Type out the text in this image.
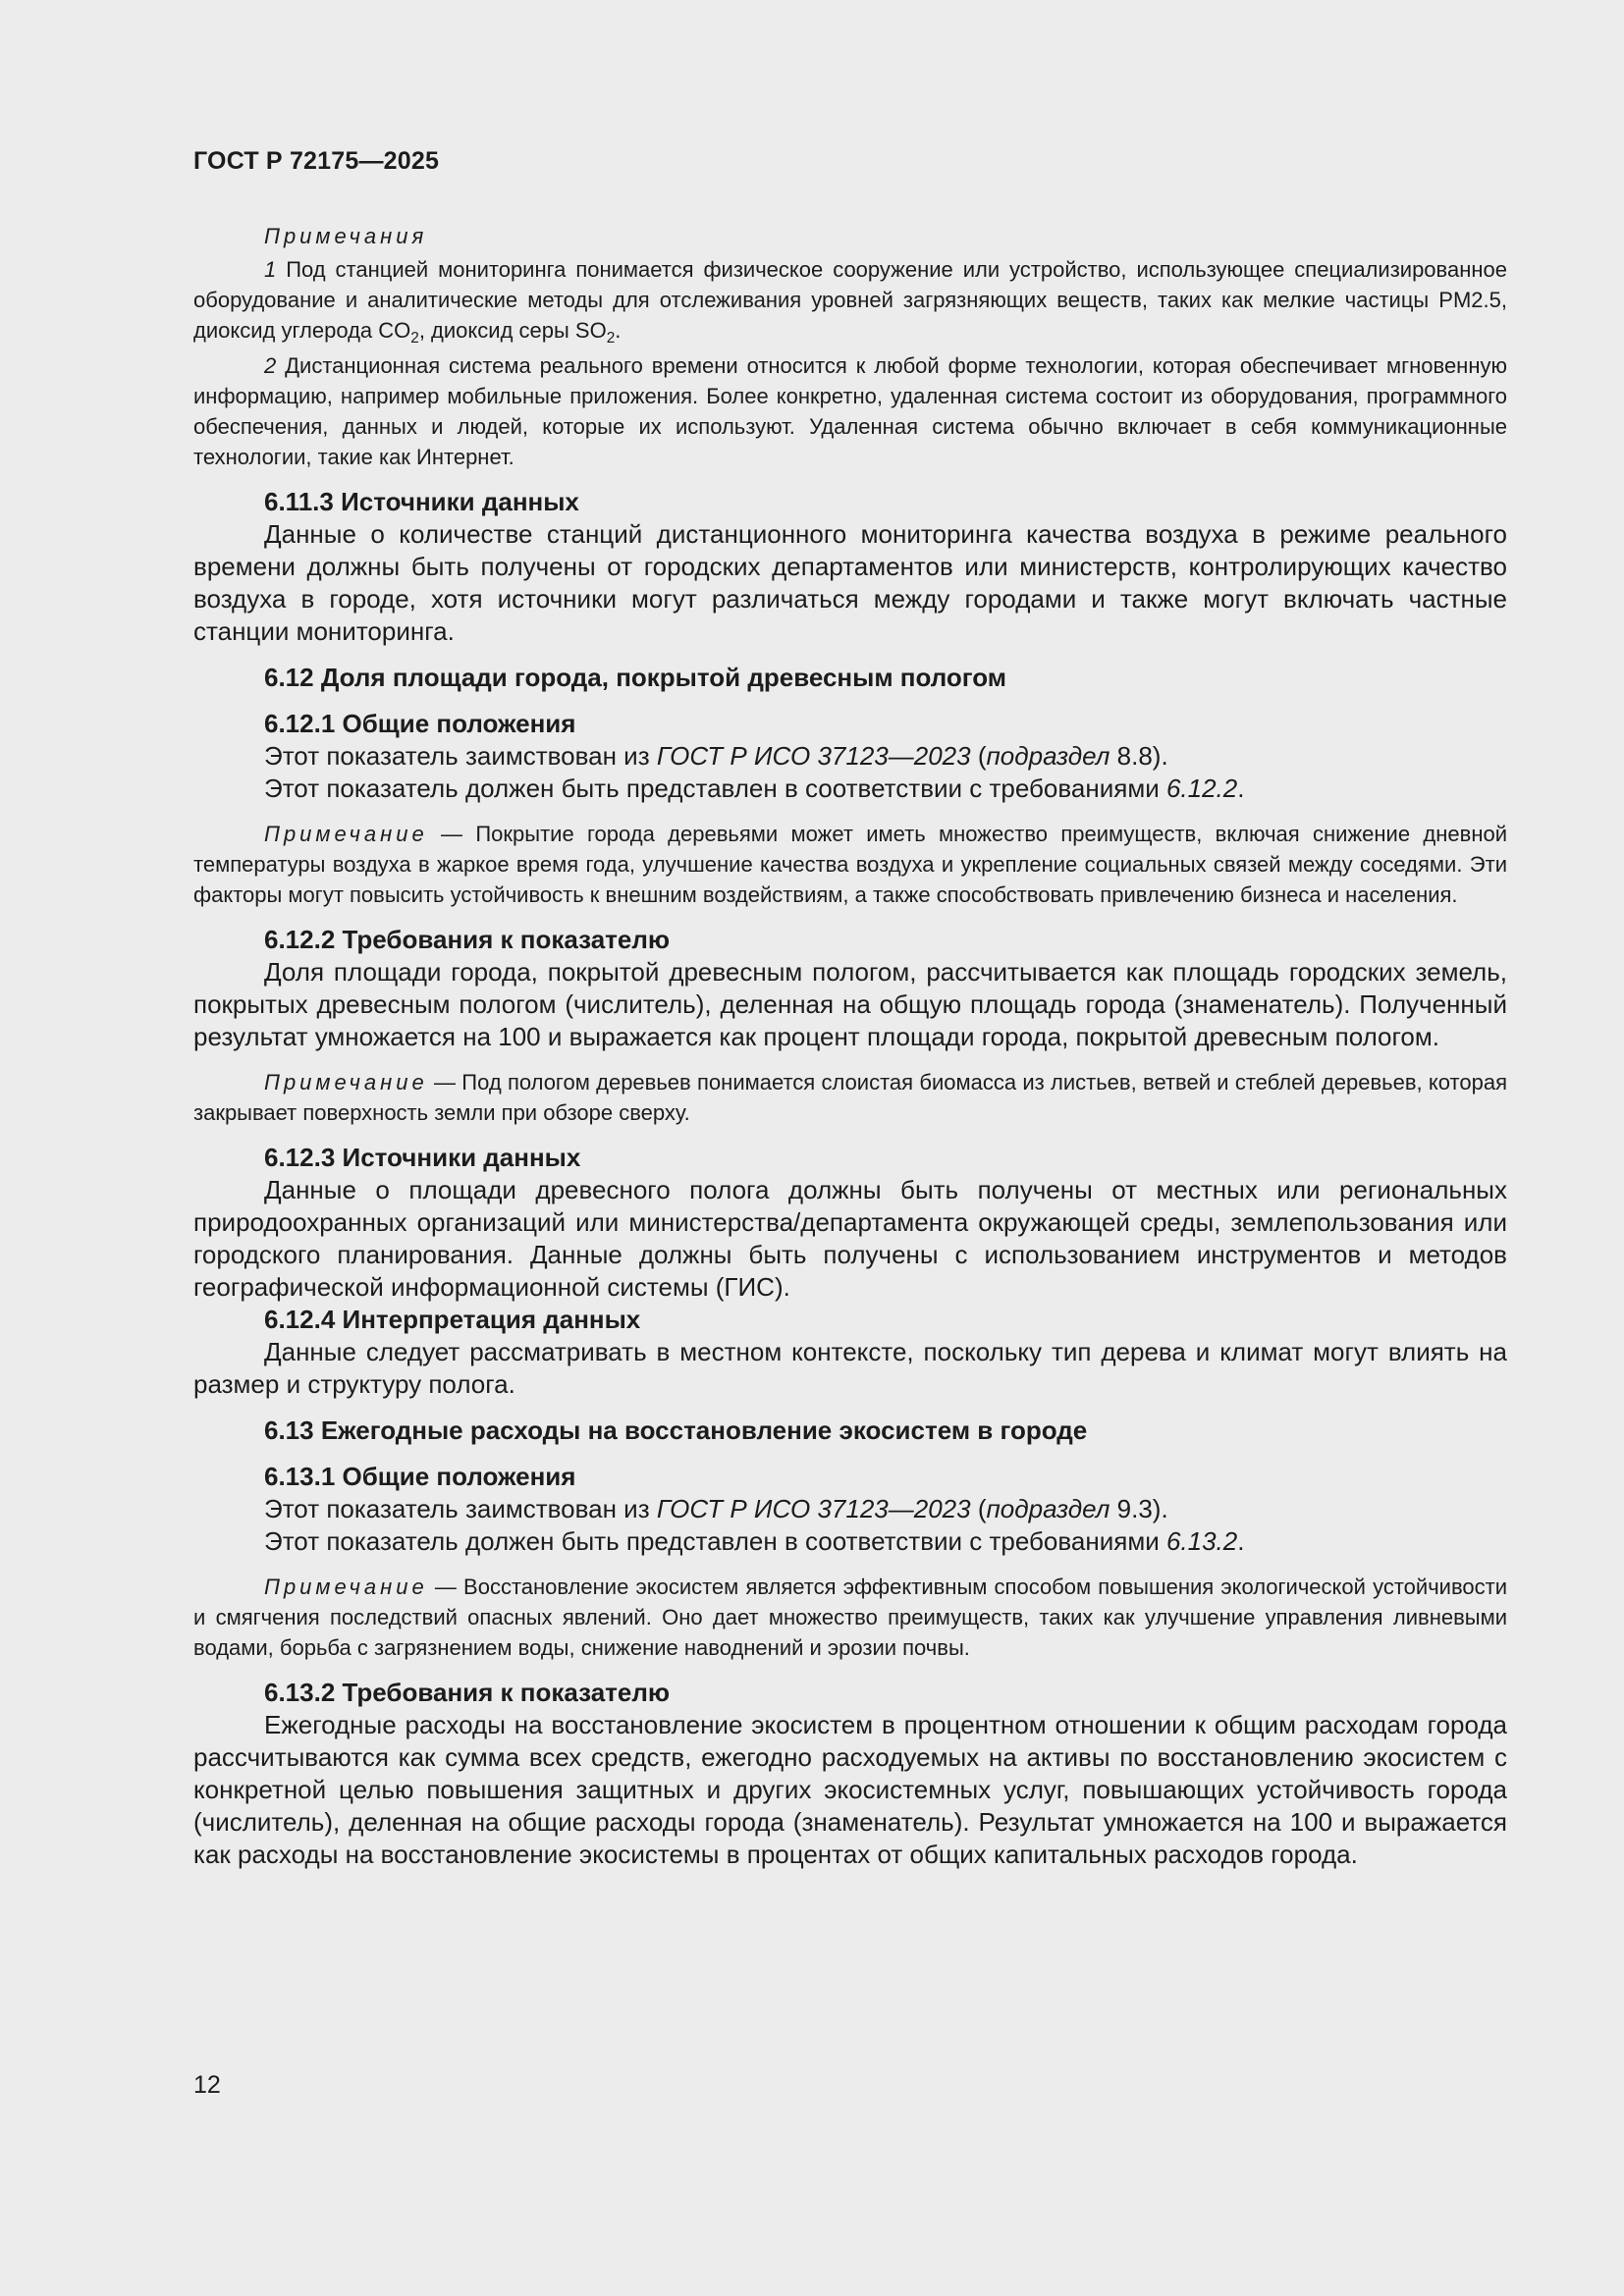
ГОСТ Р 72175—2025
Примечания

1 Под станцией мониторинга понимается физическое сооружение или устройство, использующее специализированное оборудование и аналитические методы для отслеживания уровней загрязняющих веществ, таких как мелкие частицы PM2.5, диоксид углерода $CO_2$, диоксид серы $SO_2$.

2 Дистанционная система реального времени относится к любой форме технологии, которая обеспечивает мгновенную информацию, например мобильные приложения. Более конкретно, удаленная система состоит из оборудования, программного обеспечения, данных и людей, которые их используют. Удаленная система обычно включает в себя коммуникационные технологии, такие как Интернет.

6.11.3 Источники данных

Данные о количестве станций дистанционного мониторинга качества воздуха в режиме реального времени должны быть получены от городских департаментов или министерств, контролирующих качество воздуха в городе, хотя источники могут различаться между городами и также могут включать частные станции мониторинга.

6.12 Доля площади города, покрытой древесным пологом
6.12.1 Общие положения

Этот показатель заимствован из ГОСТ Р ИСО 37123—2023 (подраздел 8.8).

Этот показатель должен быть представлен в соответствии с требованиями 6.12.2.

Примечание — Покрытие города деревьями может иметь множество преимуществ, включая снижение дневной температуры воздуха в жаркое время года, улучшение качества воздуха и укрепление социальных связей между соседями. Эти факторы могут повысить устойчивость к внешним воздействиям, а также способствовать привлечению бизнеса и населения.

6.12.2 Требования к показателю

Доля площади города, покрытой древесным пологом, рассчитывается как площадь городских земель, покрытых древесным пологом (числитель), деленная на общую площадь города (знаменатель). Полученный результат умножается на 100 и выражается как процент площади города, покрытой древесным пологом.

Примечание — Под пологом деревьев понимается слоистая биомасса из листьев, ветвей и стеблей деревьев, которая закрывает поверхность земли при обзоре сверху.

6.12.3 Источники данных

Данные о площади древесного полога должны быть получены от местных или региональных природоохранных организаций или министерства/департамента окружающей среды, землепользования или городского планирования. Данные должны быть получены с использованием инструментов и методов географической информационной системы (ГИС).

6.12.4 Интерпретация данных

Данные следует рассматривать в местном контексте, поскольку тип дерева и климат могут влиять на размер и структуру полога.

6.13 Ежегодные расходы на восстановление экосистем в городе
6.13.1 Общие положения

Этот показатель заимствован из ГОСТ Р ИСО 37123—2023 (подраздел 9.3).

Этот показатель должен быть представлен в соответствии с требованиями 6.13.2.

Примечание — Восстановление экосистем является эффективным способом повышения экологической устойчивости и смягчения последствий опасных явлений. Оно дает множество преимуществ, таких как улучшение управления ливневыми водами, борьба с загрязнением воды, снижение наводнений и эрозии почвы.

6.13.2 Требования к показателю

Ежегодные расходы на восстановление экосистем в процентном отношении к общим расходам города рассчитываются как сумма всех средств, ежегодно расходуемых на активы по восстановлению экосистем с конкретной целью повышения защитных и других экосистемных услуг, повышающих устойчивость города (числитель), деленная на общие расходы города (знаменатель). Результат умножается на 100 и выражается как расходы на восстановление экосистемы в процентах от общих капитальных расходов города.

12
